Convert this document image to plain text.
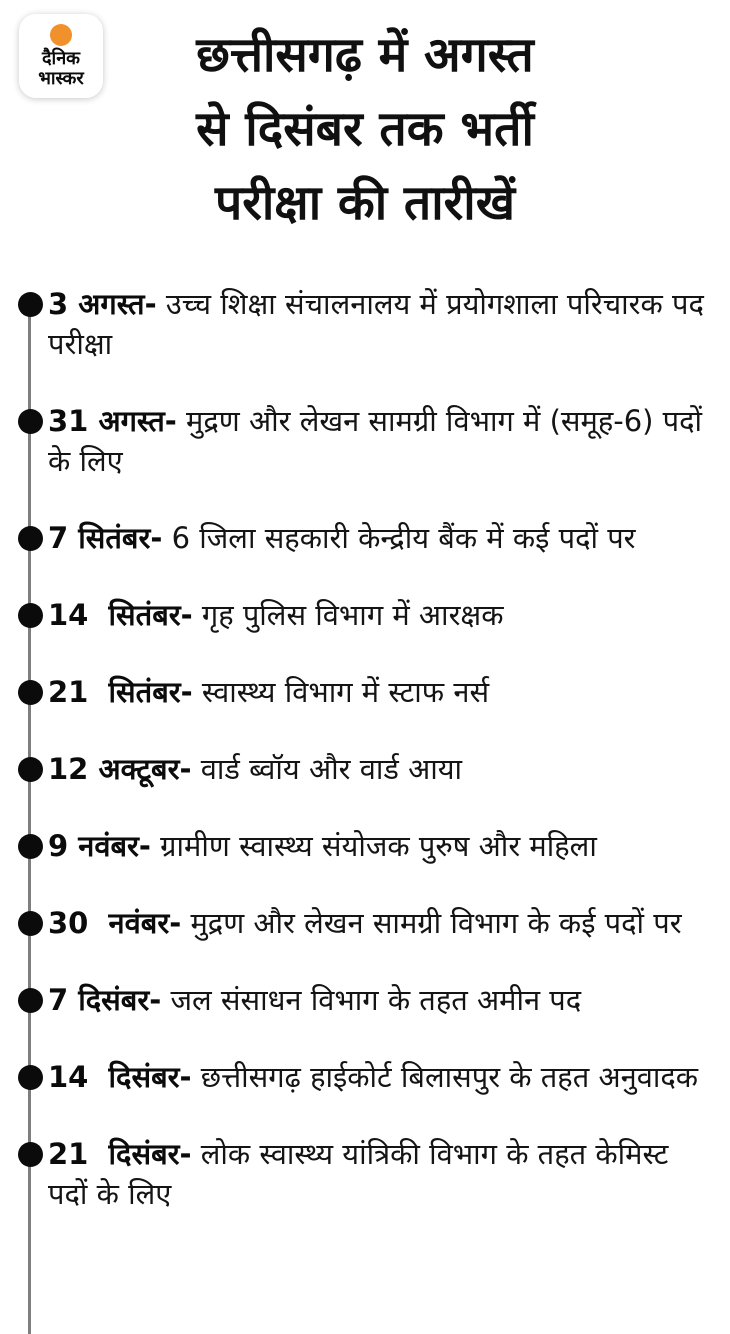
दैनिक
भास्कर	छत्तीसगढ़ में अगस्त
से दिसंबर तक भर्ती
परीक्षा की तारीखें
3 अगस्त- उच्च शिक्षा संचालनालय में प्रयोगशाला परिचारक पद परीक्षा
31 अगस्त- मुद्रण और लेखन सामग्री विभाग में (समूह-6) पदों के लिए
7 सितंबर- 6 जिला सहकारी केन्द्रीय बैंक में कई पदों पर
14  सितंबर- गृह पुलिस विभाग में आरक्षक
21  सितंबर- स्वास्थ्य विभाग में स्टाफ नर्स
12 अक्टूबर- वार्ड ब्वॉय और वार्ड आया
9 नवंबर- ग्रामीण स्वास्थ्य संयोजक पुरुष और महिला
30  नवंबर- मुद्रण और लेखन सामग्री विभाग के कई पदों पर
7 दिसंबर- जल संसाधन विभाग के तहत अमीन पद
14  दिसंबर- छत्तीसगढ़ हाईकोर्ट बिलासपुर के तहत अनुवादक
21  दिसंबर- लोक स्वास्थ्य यांत्रिकी विभाग के तहत केमिस्ट पदों के लिए
